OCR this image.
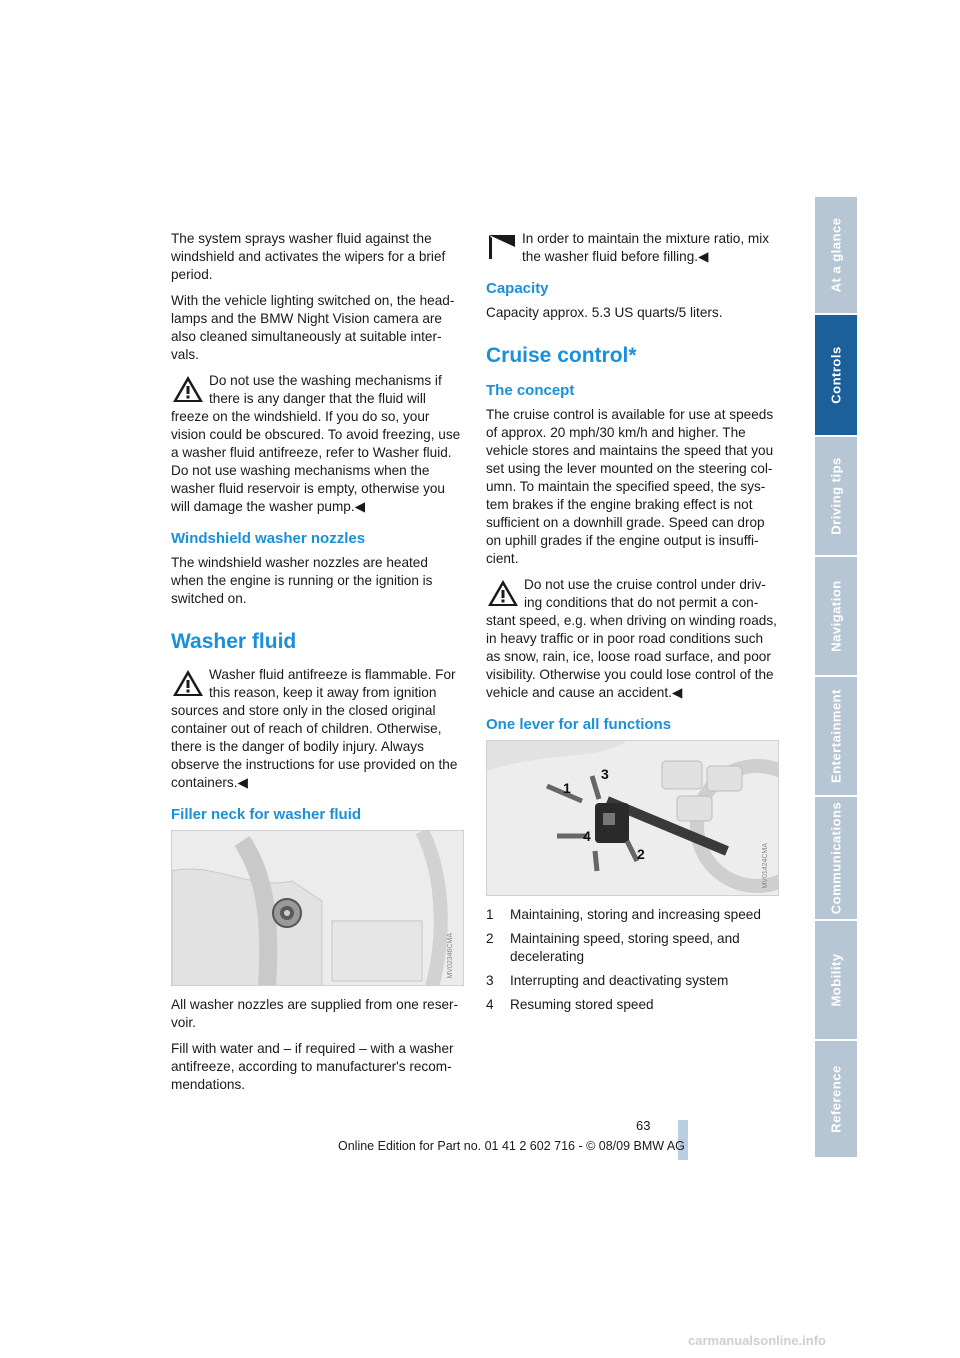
The system sprays washer fluid against the windshield and activates the wipers for a brief period.

With the vehicle lighting switched on, the head-lamps and the BMW Night Vision camera are also cleaned simultaneously at suitable inter-vals.

Do not use the washing mechanisms if there is any danger that the fluid will freeze on the windshield. If you do so, your vision could be obscured. To avoid freezing, use a washer fluid antifreeze, refer to Washer fluid. Do not use washing mechanisms when the washer fluid reservoir is empty, otherwise you will damage the washer pump.◀
Windshield washer nozzles

The windshield washer nozzles are heated when the engine is running or the ignition is switched on.

Washer fluid
Washer fluid antifreeze is flammable. For this reason, keep it away from ignition sources and store only in the closed original container out of reach of children. Otherwise, there is the danger of bodily injury. Always observe the instructions for use provided on the containers.◀
Filler neck for washer fluid
MV02346CMA

All washer nozzles are supplied from one reser-voir.

Fill with water and – if required – with a washer antifreeze, according to manufacturer's recom-mendations.

In order to maintain the mixture ratio, mix the washer fluid before filling.◀
Capacity

Capacity approx. 5.3 US quarts/5 liters.

Cruise control*
The concept

The cruise control is available for use at speeds of approx. 20 mph/30 km/h and higher. The vehicle stores and maintains the speed that you set using the lever mounted on the steering col-umn. To maintain the specified speed, the sys-tem brakes if the engine braking effect is not sufficient on a downhill grade. Speed can drop on uphill grades if the engine output is insuffi-cient.

Do not use the cruise control under driv-ing conditions that do not permit a con-stant speed, e.g. when driving on winding roads, in heavy traffic or in poor road conditions such as snow, rain, ice, loose road surface, and poor visibility. Otherwise you could lose control of the vehicle and cause an accident.◀
One lever for all functions
1
2
3
4
MV01424CMA
1 Maintaining, storing and increasing speed
2 Maintaining speed, storing speed, and decelerating
3 Interrupting and deactivating system
4 Resuming stored speed
At a glance
Controls
Driving tips
Navigation
Entertainment
Communications
Mobility
Reference
63
Online Edition for Part no. 01 41 2 602 716 - © 08/09 BMW AG
carmanualsonline.info
